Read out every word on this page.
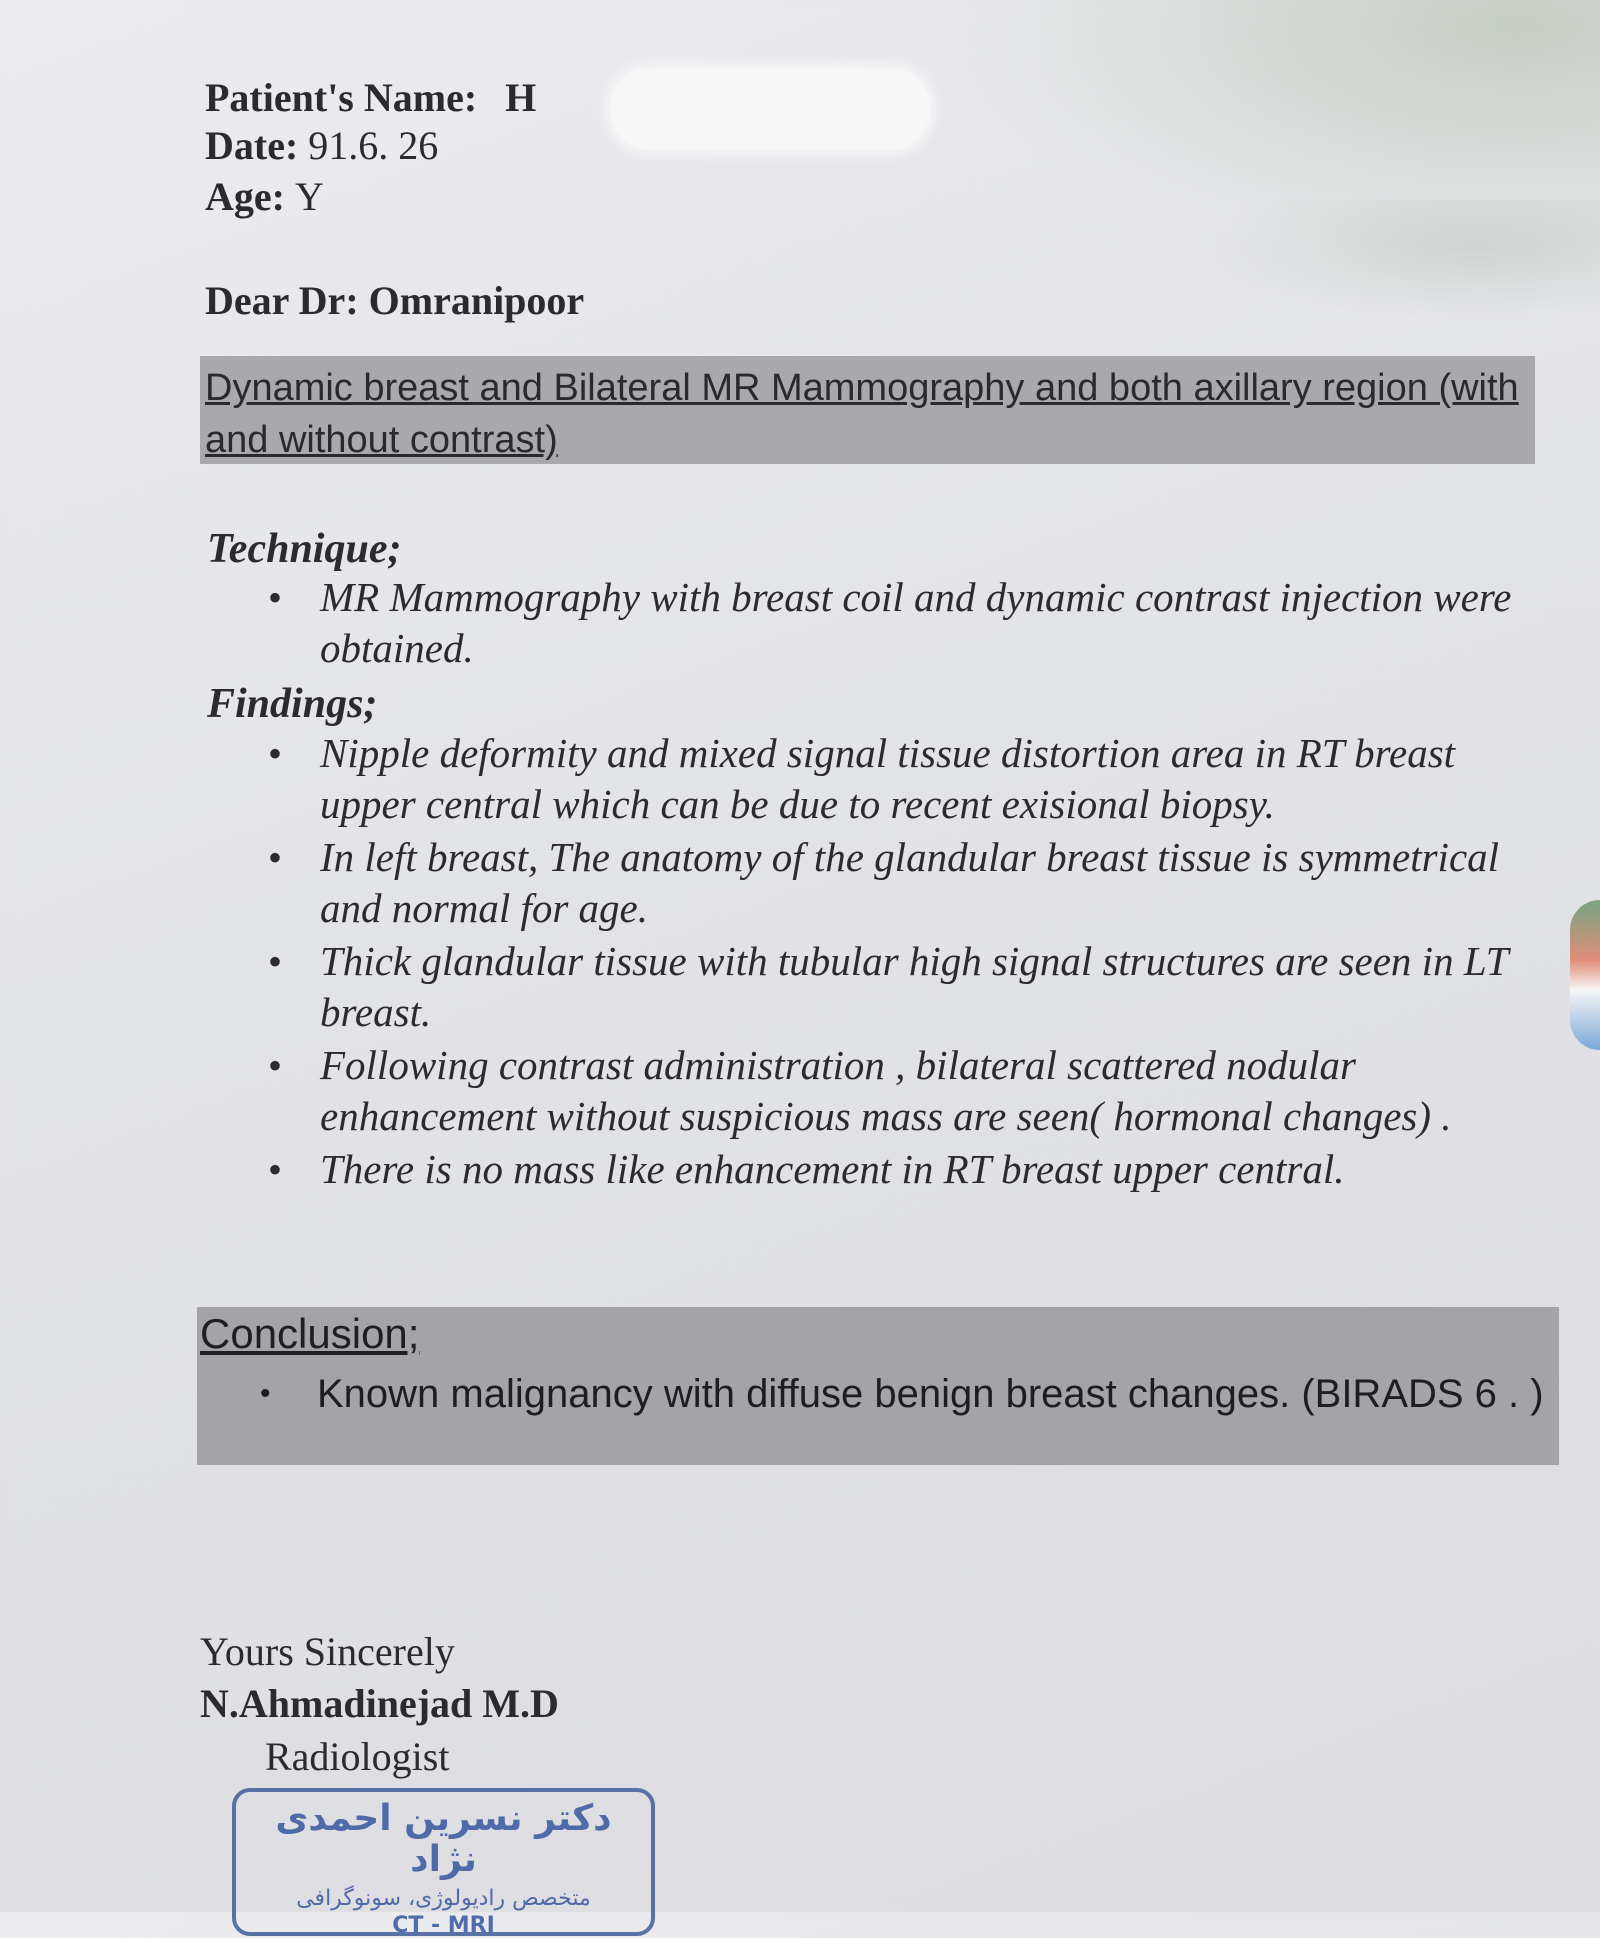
Patient's Name: H
Date: 91.6. 26
Age: Y
Dear Dr: Omranipoor

Dynamic breast and Bilateral MR Mammography and both axillary region (with and without contrast)

Technique;
• MR Mammography with breast coil and dynamic contrast injection were obtained.
Findings;
• Nipple deformity and mixed signal tissue distortion area in RT breast upper central which can be due to recent exisional biopsy.
• In left breast, The anatomy of the glandular breast tissue is symmetrical and normal for age.
• Thick glandular tissue with tubular high signal structures are seen in LT breast.
• Following contrast administration , bilateral scattered nodular enhancement without suspicious mass are seen( hormonal changes) .
• There is no mass like enhancement in RT breast upper central.
Conclusion;
•	Known malignancy with diffuse benign breast changes. (BIRADS 6 . )
Yours Sincerely
N.Ahmadinejad M.D
Radiologist
دکتر نسرین احمدی نژاد
متخصص رادیولوژی، سونوگرافی
CT - MRI
